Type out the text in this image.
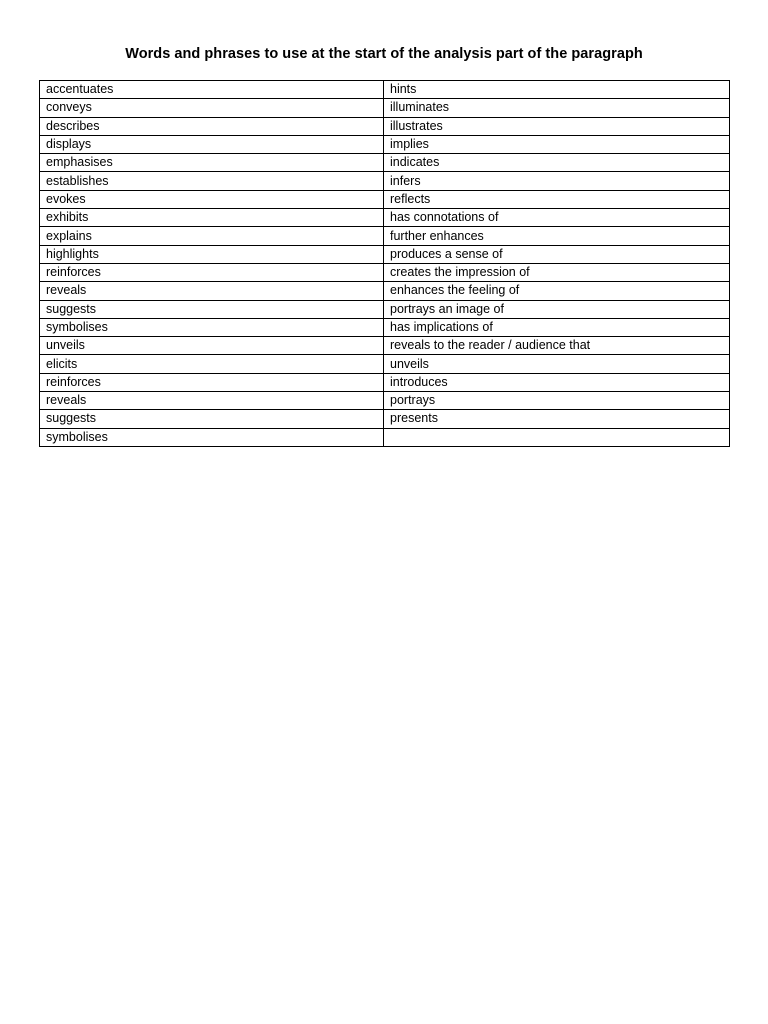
Words and phrases to use at the start of the analysis part of the paragraph
accentuates	hints
conveys	illuminates
describes	illustrates
displays	implies
emphasises	indicates
establishes	infers
evokes	reflects
exhibits	has connotations of
explains	further enhances
highlights	produces a sense of
reinforces	creates the impression of
reveals	enhances the feeling of
suggests	portrays an image of
symbolises	has implications of
unveils	reveals to the reader / audience that
elicits	unveils
reinforces	introduces
reveals	portrays
suggests	presents
symbolises	
